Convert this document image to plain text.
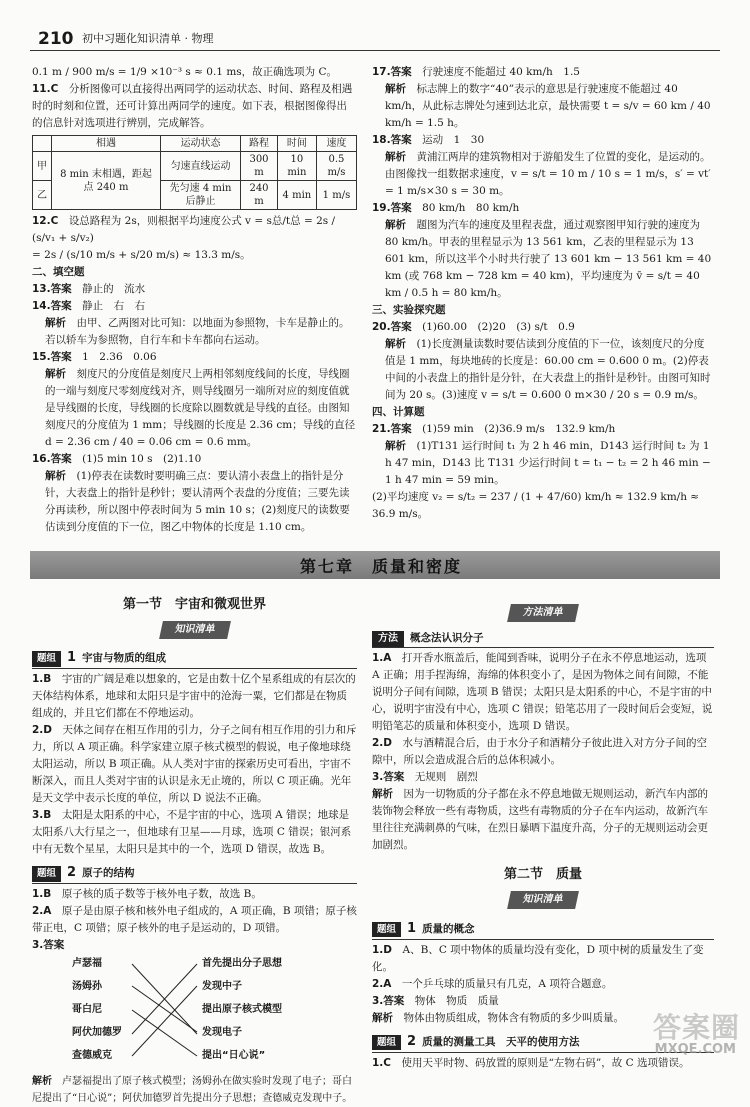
210 初中习题化知识清单 · 物理

0.1 m / 900 m/s = 1/9 ×10⁻³ s ≈ 0.1 ms，故正确选项为 C。

11.C　 分析图像可以直接得出两同学的运动状态、时间、路程及相遇时的时刻和位置，还可计算出两同学的速度。如下表，根据图像得出的信息针对选项进行辨别，完成解答。

	相遇	运动状态	路程	时间	速度
甲	8 min 末相遇，距起点 240 m	匀速直线运动	300 m	10 min	0.5 m/s
乙		先匀速 4 min 后静止	240 m	4 min	1 m/s

12.C　 设总路程为 2s，则根据平均速度公式 v = s总/t总 = 2s / (s/v₁ + s/v₂)

= 2s / (s/10 m/s + s/20 m/s) ≈ 13.3 m/s。

二、填空题

13.答案　 静止的　流水

14.答案　 静止　右　右

解析　 由甲、乙两图对比可知：以地面为参照物，卡车是静止的。若以轿车为参照物，自行车和卡车都向右运动。

15.答案　 1　2.36　0.06

解析　 刻度尺的分度值是刻度尺上两相邻刻度线间的长度，导线圈的一端与刻度尺零刻度线对齐，则导线圈另一端所对应的刻度值就是导线圈的长度，导线圈的长度除以圈数就是导线的直径。由图知刻度尺的分度值为 1 mm；导线圈的长度是 2.36 cm；导线的直径 d = 2.36 cm / 40 = 0.06 cm = 0.6 mm。

16.答案　 (1)5 min 10 s　(2)1.10

解析　 (1)停表在读数时要明确三点：要认清小表盘上的指针是分针，大表盘上的指针是秒针；要认清两个表盘的分度值；三要先读分再读秒，所以图中停表时间为 5 min 10 s；(2)刻度尺的读数要估读到分度值的下一位，图乙中物体的长度是 1.10 cm。

17.答案　 行驶速度不能超过 40 km/h　1.5

解析　 标志牌上的数字“40”表示的意思是行驶速度不能超过 40 km/h，从此标志牌处匀速到达北京，最快需要 t = s/v = 60 km / 40 km/h = 1.5 h。

18.答案　 运动　1　30

解析　 黄浦江两岸的建筑物相对于游船发生了位置的变化，是运动的。由图像找一组数据求速度，v = s/t = 10 m / 10 s = 1 m/s，s′ = vt′ = 1 m/s×30 s = 30 m。

19.答案　 80 km/h　80 km/h

解析　 题图为汽车的速度及里程表盘，通过观察图甲知行驶的速度为 80 km/h。甲表的里程显示为 13 561 km，乙表的里程显示为 13 601 km，所以这半个小时共行驶了 13 601 km − 13 561 km = 40 km (或 768 km − 728 km = 40 km)，平均速度为 v̄ = s/t = 40 km / 0.5 h = 80 km/h。

三、实验探究题

20.答案　 (1)60.00　(2)20　(3) s/t　0.9

解析　 (1)长度测量读数时要估读到分度值的下一位，该刻度尺的分度值是 1 mm，每块地砖的长度是：60.00 cm = 0.600 0 m。(2)停表中间的小表盘上的指针是分针，在大表盘上的指针是秒针。由图可知时间为 20 s。(3)速度 v = s/t = 0.600 0 m×30 / 20 s = 0.9 m/s。

四、计算题

21.答案　 (1)59 min　(2)36.9 m/s　132.9 km/h

解析　 (1)T131 运行时间 t₁ 为 2 h 46 min，D143 运行时间 t₂ 为 1 h 47 min，D143 比 T131 少运行时间 t = t₁ − t₂ = 2 h 46 min − 1 h 47 min = 59 min。

(2)平均速度 v₂ = s/t₂ = 237 / (1 + 47/60) km/h ≈ 132.9 km/h ≈ 36.9 m/s。

第七章　质量和密度
第一节　宇宙和微观世界
知识清单
题组 1 宇宙与物质的组成

1.B　 宇宙的广阔是难以想象的，它是由数十亿个星系组成的有层次的天体结构体系，地球和太阳只是宇宙中的沧海一粟，它们都是在物质组成的，并且它们都在不停地运动。

2.D　 天体之间存在相互作用的引力，分子之间有相互作用的引力和斥力，所以 A 项正确。科学家建立原子核式模型的假说，电子像地球绕太阳运动，所以 B 项正确。从人类对宇宙的探索历史可看出，宇宙不断深入，而且人类对宇宙的认识是永无止境的，所以 C 项正确。光年是天文学中表示长度的单位，所以 D 说法不正确。

3.B　 太阳是太阳系的中心，不是宇宙的中心，选项 A 错误；地球是太阳系八大行星之一，但地球有卫星——月球，选项 C 错误；银河系中有无数个星星，太阳只是其中的一个，选项 D 错误，故选 B。

题组 2 原子的结构

1.B　 原子核的质子数等于核外电子数，故选 B。

2.A　 原子是由原子核和核外电子组成的，A 项正确，B 项错；原子核带正电，C 项错；原子核外的电子是运动的，D 项错。

3.答案　

卢瑟福
汤姆孙
哥白尼
阿伏加德罗
查德威克
首先提出分子思想
发现中子
提出原子核式模型
发现电子
提出“日心说”

解析　 卢瑟福提出了原子核式模型；汤姆孙在做实验时发现了电子；哥白尼提出了“日心说”；阿伏加德罗首先提出分子思想；查德威克发现中子。

方法清单
方法 概念法认识分子

1.A　 打开香水瓶盖后，能闻到香味，说明分子在永不停息地运动，选项 A 正确；用手捏海绵，海绵的体积变小了，是因为物体之间有间隙，不能说明分子间有间隙，选项 B 错误；太阳只是太阳系的中心，不是宇宙的中心，说明宇宙没有中心，选项 C 错误；铅笔芯用了一段时间后会变短，说明铅笔芯的质量和体积变小，选项 D 错误。

2.D　 水与酒精混合后，由于水分子和酒精分子彼此进入对方分子间的空隙中，所以会造成混合后的总体积减小。

3.答案　 无规则　剧烈

解析　 因为一切物质的分子都在永不停息地做无规则运动，新汽车内部的装饰物会释放一些有毒物质，这些有毒物质的分子在车内运动，故新汽车里往往充满刺鼻的气味，在烈日暴晒下温度升高，分子的无规则运动会更加剧烈。

第二节　质量
知识清单
题组 1 质量的概念

1.D　 A、B、C 项中物体的质量均没有变化，D 项中树的质量发生了变化。

2.A　 一个乒乓球的质量只有几克，A 项符合题意。

3.答案　 物体　物质　质量

解析　 物体由物质组成，物体含有物质的多少叫质量。

题组 2 质量的测量工具　天平的使用方法

1.C　 使用天平时物、码放置的原则是“左物右码”，故 C 选项错误。

答案圈
MXQE.COM
